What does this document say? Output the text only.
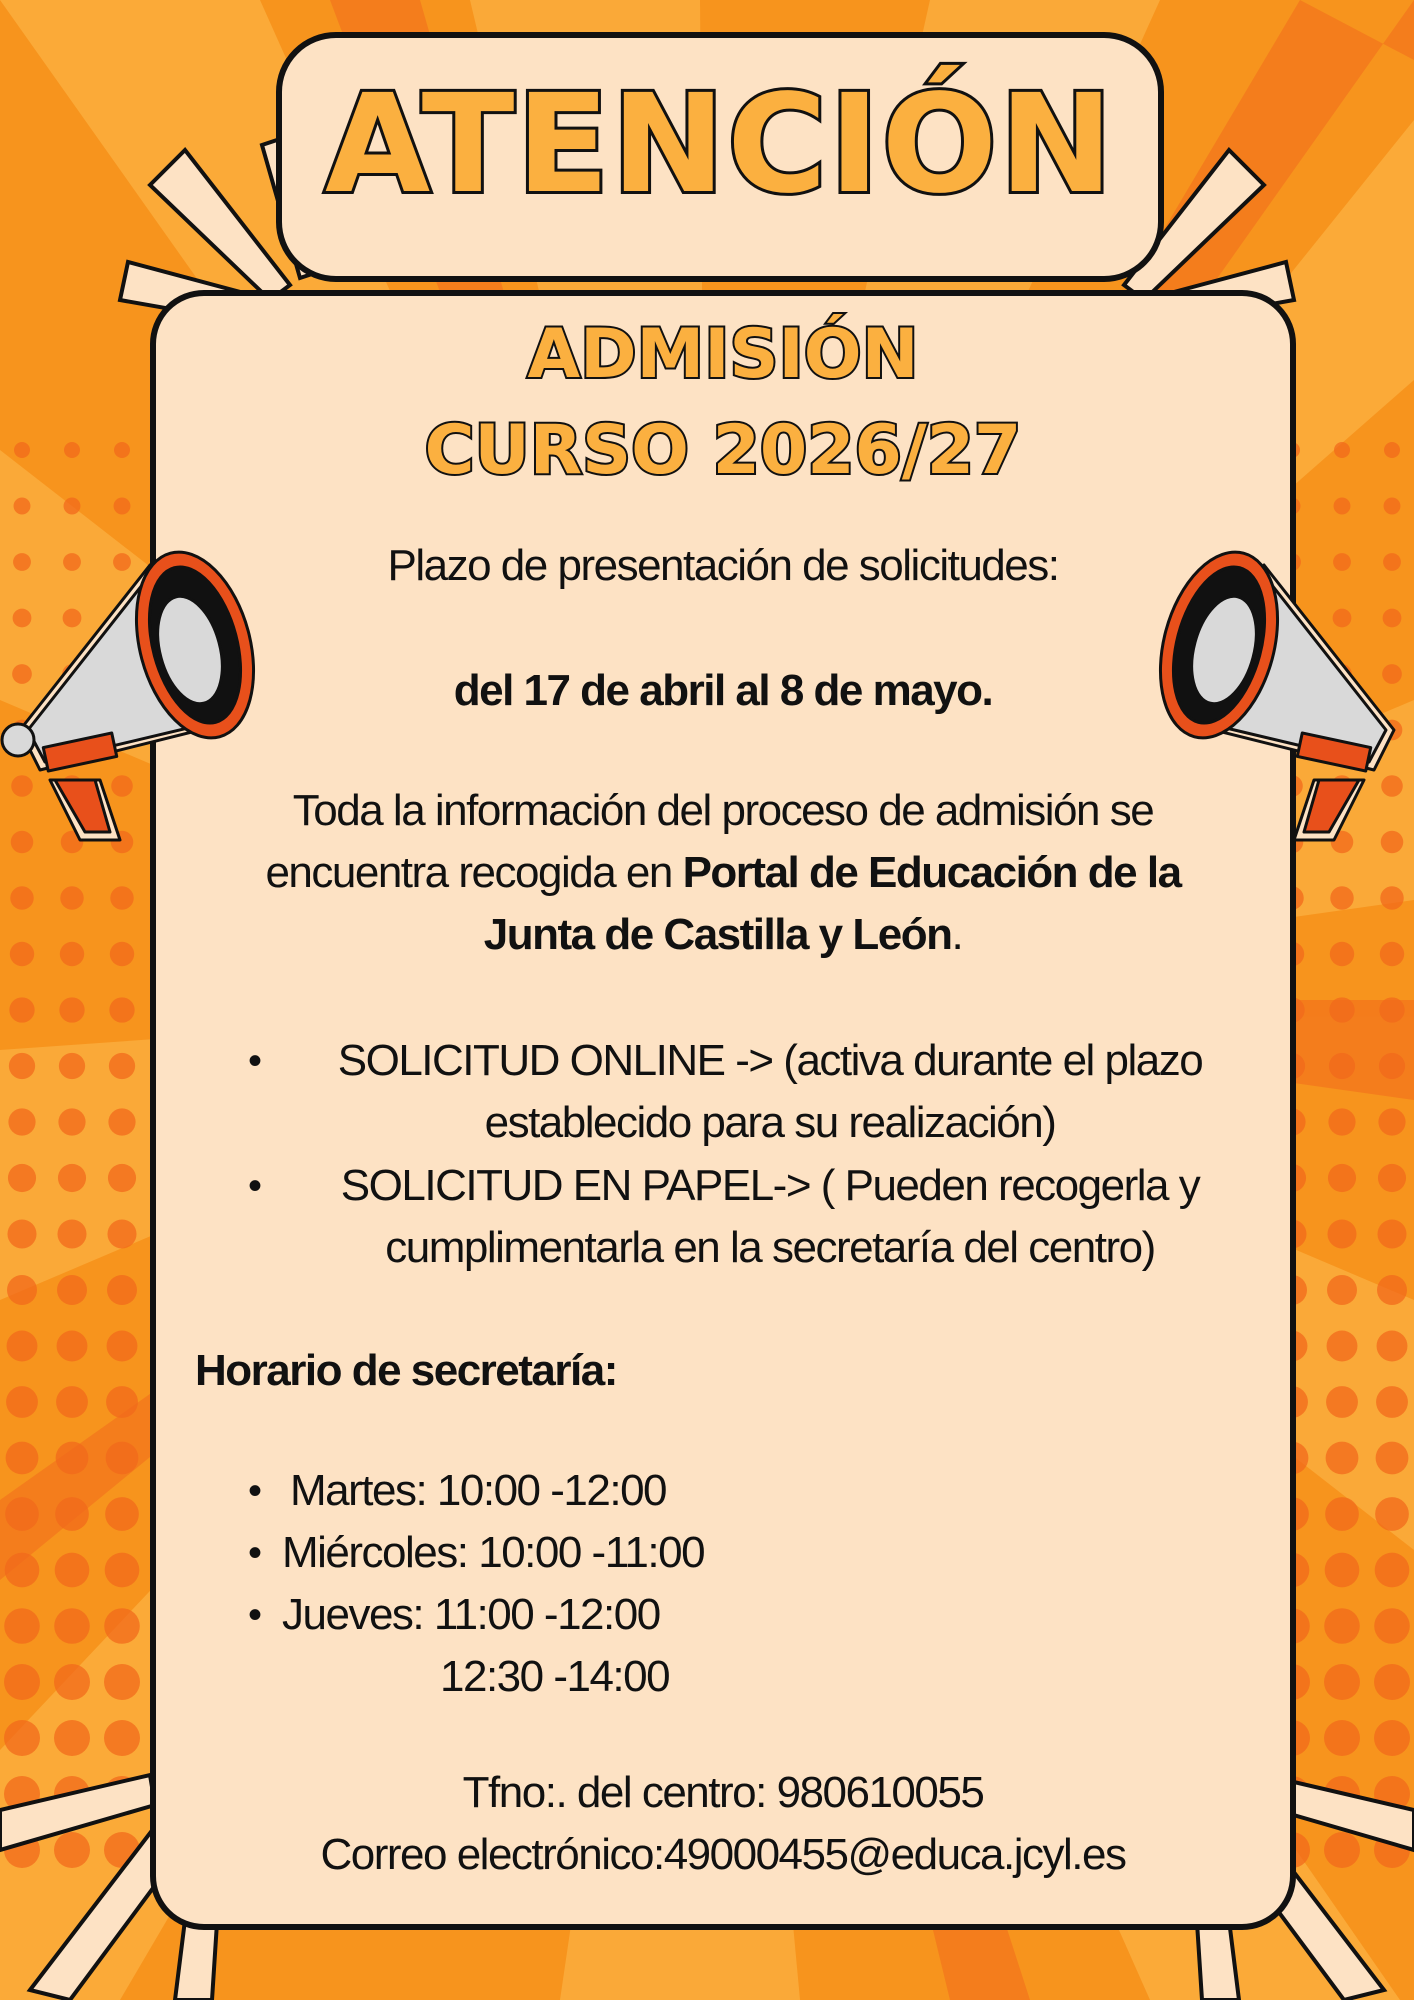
ATENCIÓN
ADMISIÓN
CURSO 2026/27
Plazo de presentación de solicitudes:
del 17 de abril al 8 de mayo.
Toda la información del proceso de admisión se
encuentra recogida en Portal de Educación de la
Junta de Castilla y León.
•	SOLICITUD ONLINE -> (activa durante el plazo
establecido para su realización)
•	SOLICITUD EN PAPEL-> ( Pueden recogerla y
cumplimentarla en la secretaría del centro)
Horario de secretaría:
• Martes: 10:00 -12:00
• Miércoles: 10:00 -11:00
• Jueves: 11:00 -12:00
12:30 -14:00
Tfno:. del centro: 980610055
Correo electrónico:49000455@educa.jcyl.es
